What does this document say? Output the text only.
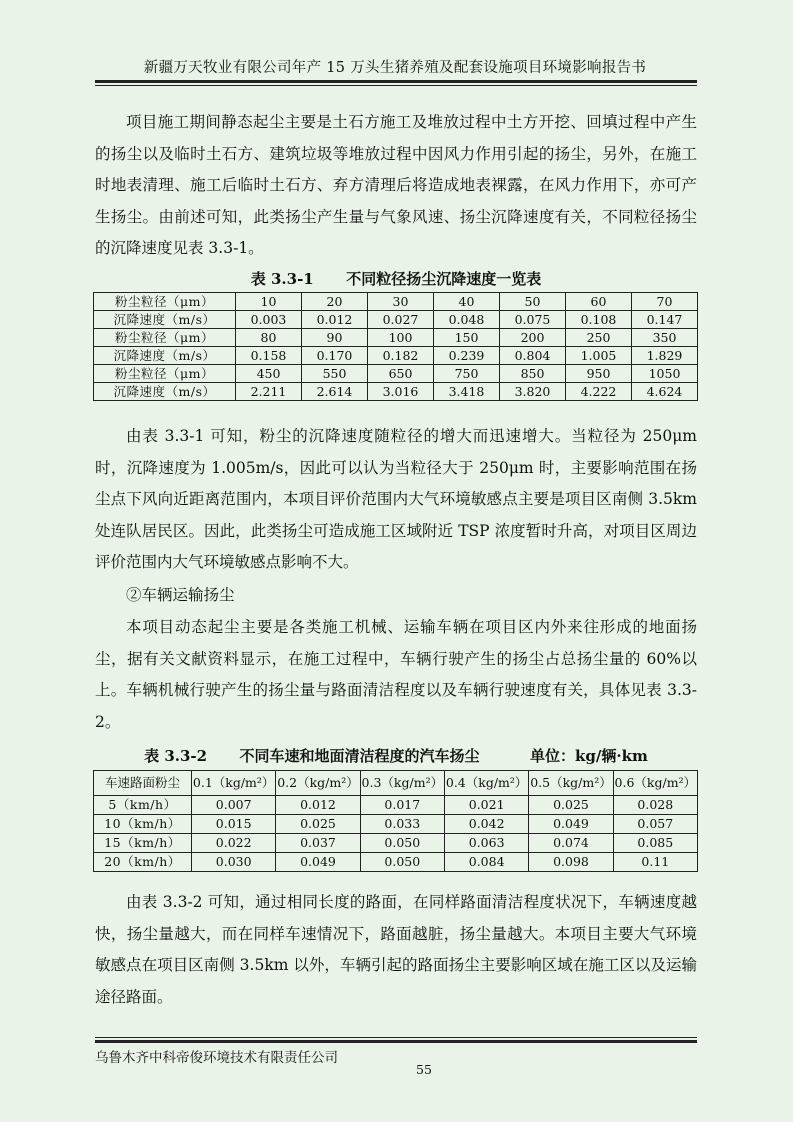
新疆万天牧业有限公司年产 15 万头生猪养殖及配套设施项目环境影响报告书

项目施工期间静态起尘主要是土石方施工及堆放过程中土方开挖、回填过程中产生的扬尘以及临时土石方、建筑垃圾等堆放过程中因风力作用引起的扬尘，另外，在施工时地表清理、施工后临时土石方、弃方清理后将造成地表裸露，在风力作用下，亦可产生扬尘。由前述可知，此类扬尘产生量与气象风速、扬尘沉降速度有关，不同粒径扬尘的沉降速度见表 3.3-1。

表 3.3-1 不同粒径扬尘沉降速度一览表
粉尘粒径（μm）	10	20	30	40	50	60	70
沉降速度（m/s）	0.003	0.012	0.027	0.048	0.075	0.108	0.147
粉尘粒径（μm）	80	90	100	150	200	250	350
沉降速度（m/s）	0.158	0.170	0.182	0.239	0.804	1.005	1.829
粉尘粒径（μm）	450	550	650	750	850	950	1050
沉降速度（m/s）	2.211	2.614	3.016	3.418	3.820	4.222	4.624

由表 3.3-1 可知，粉尘的沉降速度随粒径的增大而迅速增大。当粒径为 250μm 时，沉降速度为 1.005m/s，因此可以认为当粒径大于 250μm 时，主要影响范围在扬尘点下风向近距离范围内，本项目评价范围内大气环境敏感点主要是项目区南侧 3.5km 处连队居民区。因此，此类扬尘可造成施工区域附近 TSP 浓度暂时升高，对项目区周边评价范围内大气环境敏感点影响不大。

②车辆运输扬尘

本项目动态起尘主要是各类施工机械、运输车辆在项目区内外来往形成的地面扬尘，据有关文献资料显示，在施工过程中，车辆行驶产生的扬尘占总扬尘量的 60%以上。车辆机械行驶产生的扬尘量与路面清洁程度以及车辆行驶速度有关，具体见表 3.3-2。

表 3.3-2 不同车速和地面清洁程度的汽车扬尘	单位：kg/辆·km
车速路面粉尘	0.1（kg/m²）	0.2（kg/m²）	0.3（kg/m²）	0.4（kg/m²）	0.5（kg/m²）	0.6（kg/m²）
5（km/h）	0.007	0.012	0.017	0.021	0.025	0.028
10（km/h）	0.015	0.025	0.033	0.042	0.049	0.057
15（km/h）	0.022	0.037	0.050	0.063	0.074	0.085
20（km/h）	0.030	0.049	0.050	0.084	0.098	0.11

由表 3.3-2 可知，通过相同长度的路面，在同样路面清洁程度状况下，车辆速度越快，扬尘量越大，而在同样车速情况下，路面越脏，扬尘量越大。本项目主要大气环境敏感点在项目区南侧 3.5km 以外，车辆引起的路面扬尘主要影响区域在施工区以及运输途径路面。

乌鲁木齐中科帝俊环境技术有限责任公司
55
